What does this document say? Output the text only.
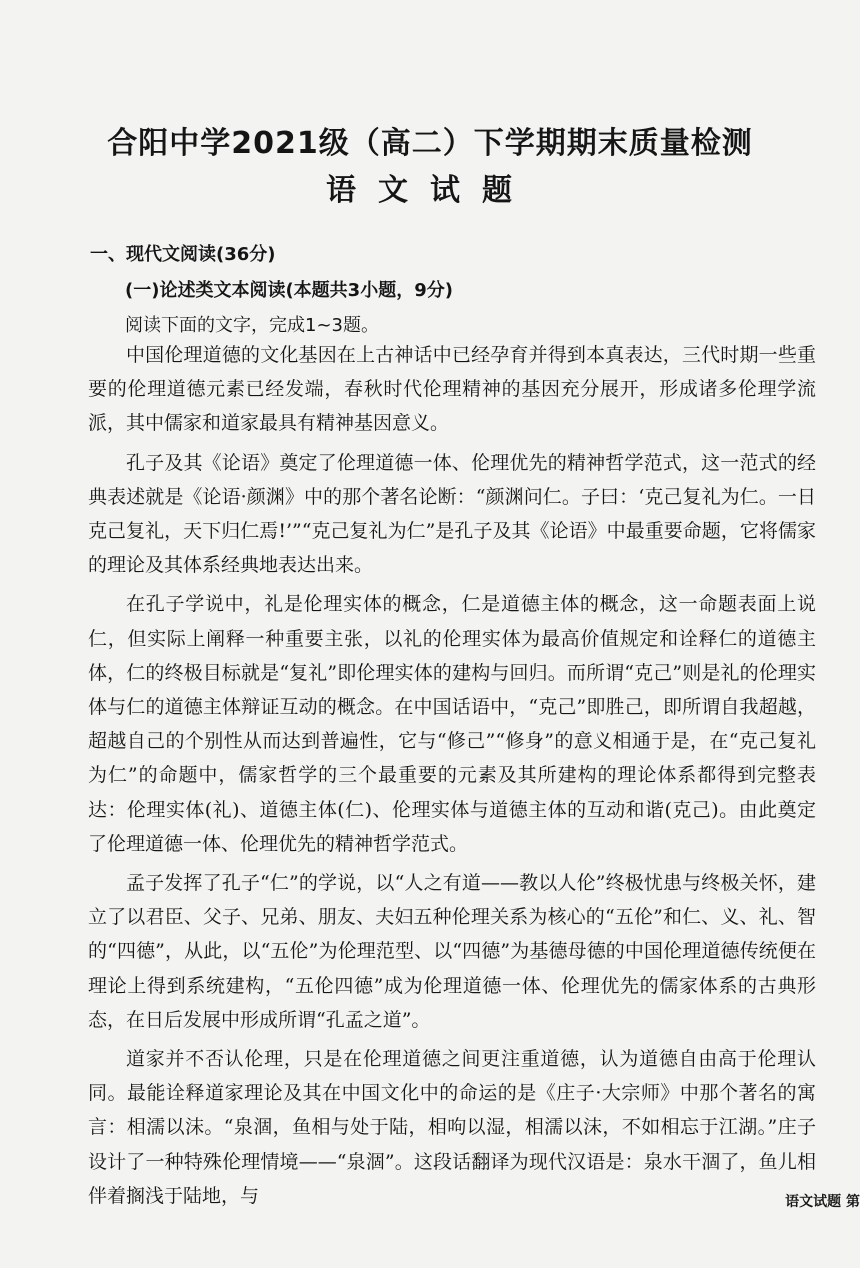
合阳中学2021级（高二）下学期期末质量检测
语文试题
一、现代文阅读(36分)
(一)论述类文本阅读(本题共3小题，9分)
阅读下面的文字，完成1~3题。

中国伦理道德的文化基因在上古神话中已经孕育并得到本真表达，三代时期一些重要的伦理道德元素已经发端，春秋时代伦理精神的基因充分展开，形成诸多伦理学流派，其中儒家和道家最具有精神基因意义。

孔子及其《论语》奠定了伦理道德一体、伦理优先的精神哲学范式，这一范式的经典表述就是《论语·颜渊》中的那个著名论断：“颜渊问仁。子曰：‘克己复礼为仁。一日克己复礼，天下归仁焉!’”“克己复礼为仁”是孔子及其《论语》中最重要命题，它将儒家的理论及其体系经典地表达出来。

在孔子学说中，礼是伦理实体的概念，仁是道德主体的概念，这一命题表面上说仁，但实际上阐释一种重要主张，以礼的伦理实体为最高价值规定和诠释仁的道德主体，仁的终极目标就是“复礼”即伦理实体的建构与回归。而所谓“克己”则是礼的伦理实体与仁的道德主体辩证互动的概念。在中国话语中，“克己”即胜己，即所谓自我超越，超越自己的个别性从而达到普遍性，它与“修己”“修身”的意义相通于是，在“克己复礼为仁”的命题中，儒家哲学的三个最重要的元素及其所建构的理论体系都得到完整表达：伦理实体(礼)、道德主体(仁)、伦理实体与道德主体的互动和谐(克己)。由此奠定了伦理道德一体、伦理优先的精神哲学范式。

孟子发挥了孔子“仁”的学说，以“人之有道——教以人伦”终极忧患与终极关怀，建立了以君臣、父子、兄弟、朋友、夫妇五种伦理关系为核心的“五伦”和仁、义、礼、智的“四德”，从此，以“五伦”为伦理范型、以“四德”为基德母德的中国伦理道德传统便在理论上得到系统建构，“五伦四德”成为伦理道德一体、伦理优先的儒家体系的古典形态，在日后发展中形成所谓“孔孟之道”。

道家并不否认伦理，只是在伦理道德之间更注重道德，认为道德自由高于伦理认同。最能诠释道家理论及其在中国文化中的命运的是《庄子·大宗师》中那个著名的寓言：相濡以沫。“泉涸，鱼相与处于陆，相呴以湿，相濡以沫，不如相忘于江湖。”庄子设计了一种特殊伦理情境——“泉涸”。这段话翻译为现代汉语是：泉水干涸了，鱼儿相伴着搁浅于陆地，与	语文试题 第
